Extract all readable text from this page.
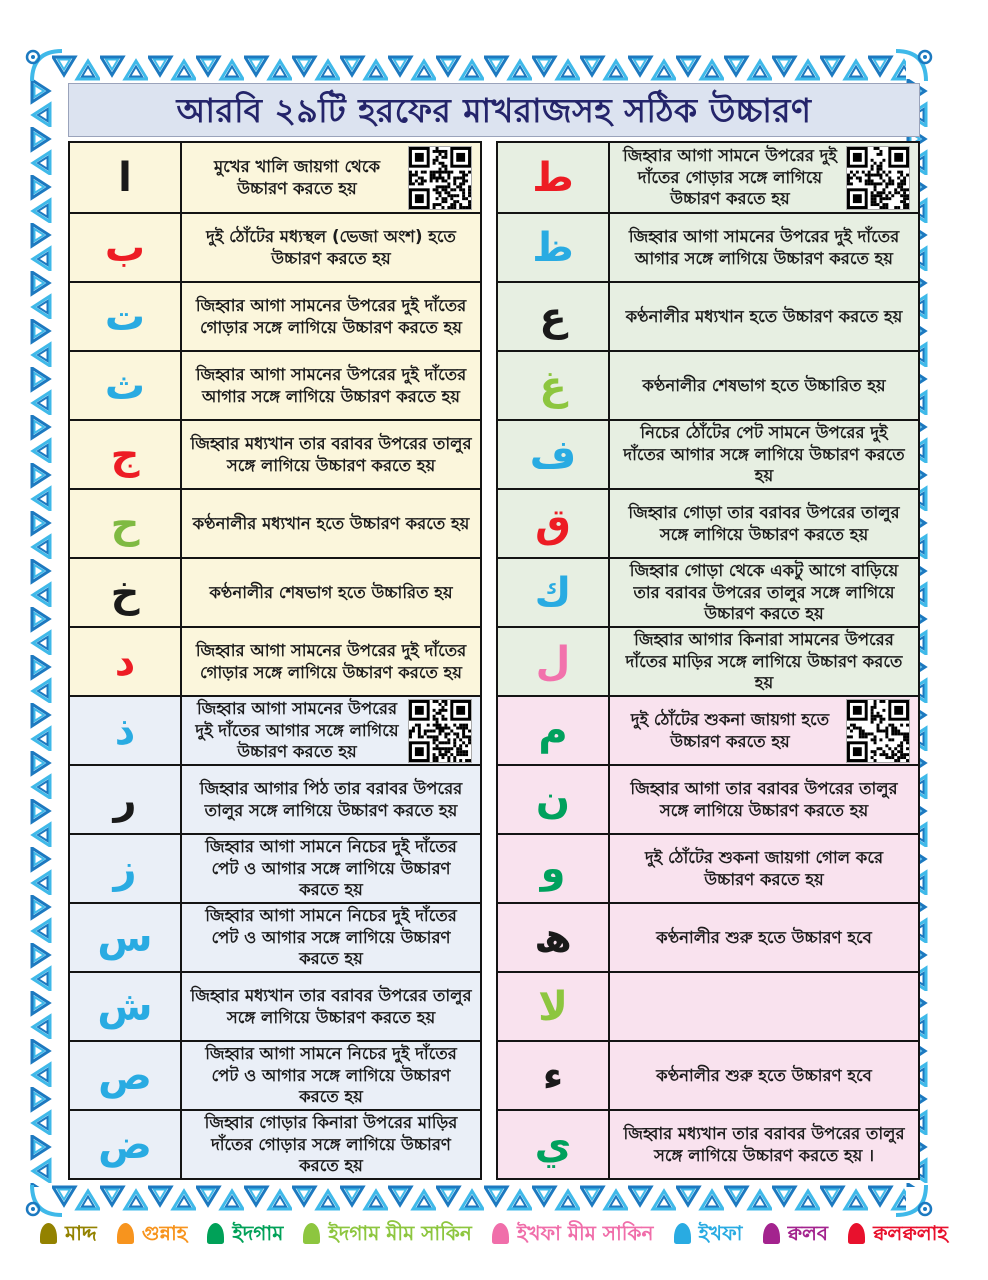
আরবি ২৯টি হরফের মাখরাজসহ সঠিক উচ্চারণ
ا	মুখের খালি জায়গা থেকে উচ্চারণ করতে হয়
ب	দুই ঠোঁটের মধ্যস্থল (ভেজা অংশ) হতে উচ্চারণ করতে হয়
ت	জিহ্বার আগা সামনের উপরের দুই দাঁতের গোড়ার সঙ্গে লাগিয়ে উচ্চারণ করতে হয়
ث	জিহ্বার আগা সামনের উপরের দুই দাঁতের আগার সঙ্গে লাগিয়ে উচ্চারণ করতে হয়
ج	জিহ্বার মধ্যখান তার বরাবর উপরের তালুর সঙ্গে লাগিয়ে উচ্চারণ করতে হয়
ح	কণ্ঠনালীর মধ্যখান হতে উচ্চারণ করতে হয়
خ	কণ্ঠনালীর শেষভাগ হতে উচ্চারিত হয়
د	জিহ্বার আগা সামনের উপরের দুই দাঁতের গোড়ার সঙ্গে লাগিয়ে উচ্চারণ করতে হয়
ذ	জিহ্বার আগা সামনের উপরের দুই দাঁতের আগার সঙ্গে লাগিয়ে উচ্চারণ করতে হয়
ر	জিহ্বার আগার পিঠ তার বরাবর উপরের তালুর সঙ্গে লাগিয়ে উচ্চারণ করতে হয়
ز	জিহ্বার আগা সামনে নিচের দুই দাঁতের পেট ও আগার সঙ্গে লাগিয়ে উচ্চারণ করতে হয়
س	জিহ্বার আগা সামনে নিচের দুই দাঁতের পেট ও আগার সঙ্গে লাগিয়ে উচ্চারণ করতে হয়
ش	জিহ্বার মধ্যখান তার বরাবর উপরের তালুর সঙ্গে লাগিয়ে উচ্চারণ করতে হয়
ص	জিহ্বার আগা সামনে নিচের দুই দাঁতের পেট ও আগার সঙ্গে লাগিয়ে উচ্চারণ করতে হয়
ض	জিহ্বার গোড়ার কিনারা উপরের মাড়ির দাঁতের গোড়ার সঙ্গে লাগিয়ে উচ্চারণ করতে হয়
ط	জিহ্বার আগা সামনে উপরের দুই দাঁতের গোড়ার সঙ্গে লাগিয়ে উচ্চারণ করতে হয়
ظ	জিহ্বার আগা সামনের উপরের দুই দাঁতের আগার সঙ্গে লাগিয়ে উচ্চারণ করতে হয়
ع	কণ্ঠনালীর মধ্যখান হতে উচ্চারণ করতে হয়
غ	কণ্ঠনালীর শেষভাগ হতে উচ্চারিত হয়
ف	নিচের ঠোঁটের পেট সামনে উপরের দুই দাঁতের আগার সঙ্গে লাগিয়ে উচ্চারণ করতে হয়
ق	জিহ্বার গোড়া তার বরাবর উপরের তালুর সঙ্গে লাগিয়ে উচ্চারণ করতে হয়
ك	জিহ্বার গোড়া থেকে একটু আগে বাড়িয়ে তার বরাবর উপরের তালুর সঙ্গে লাগিয়ে উচ্চারণ করতে হয়
ل	জিহ্বার আগার কিনারা সামনের উপরের দাঁতের মাড়ির সঙ্গে লাগিয়ে উচ্চারণ করতে হয়
م	দুই ঠোঁটের শুকনা জায়গা হতে উচ্চারণ করতে হয়
ن	জিহ্বার আগা তার বরাবর উপরের তালুর সঙ্গে লাগিয়ে উচ্চারণ করতে হয়
و	দুই ঠোঁটের শুকনা জায়গা গোল করে উচ্চারণ করতে হয়
ھ	কণ্ঠনালীর শুরু হতে উচ্চারণ হবে
لا
ء	কণ্ঠনালীর শুরু হতে উচ্চারণ হবে
ي	জিহ্বার মধ্যখান তার বরাবর উপরের তালুর সঙ্গে লাগিয়ে উচ্চারণ করতে হয় ।
মাদ্দ গুন্নাহ ইদগাম ইদগাম মীম সাকিন ইখফা মীম সাকিন ইখফা ক্বলব ক্বলক্বলাহ
